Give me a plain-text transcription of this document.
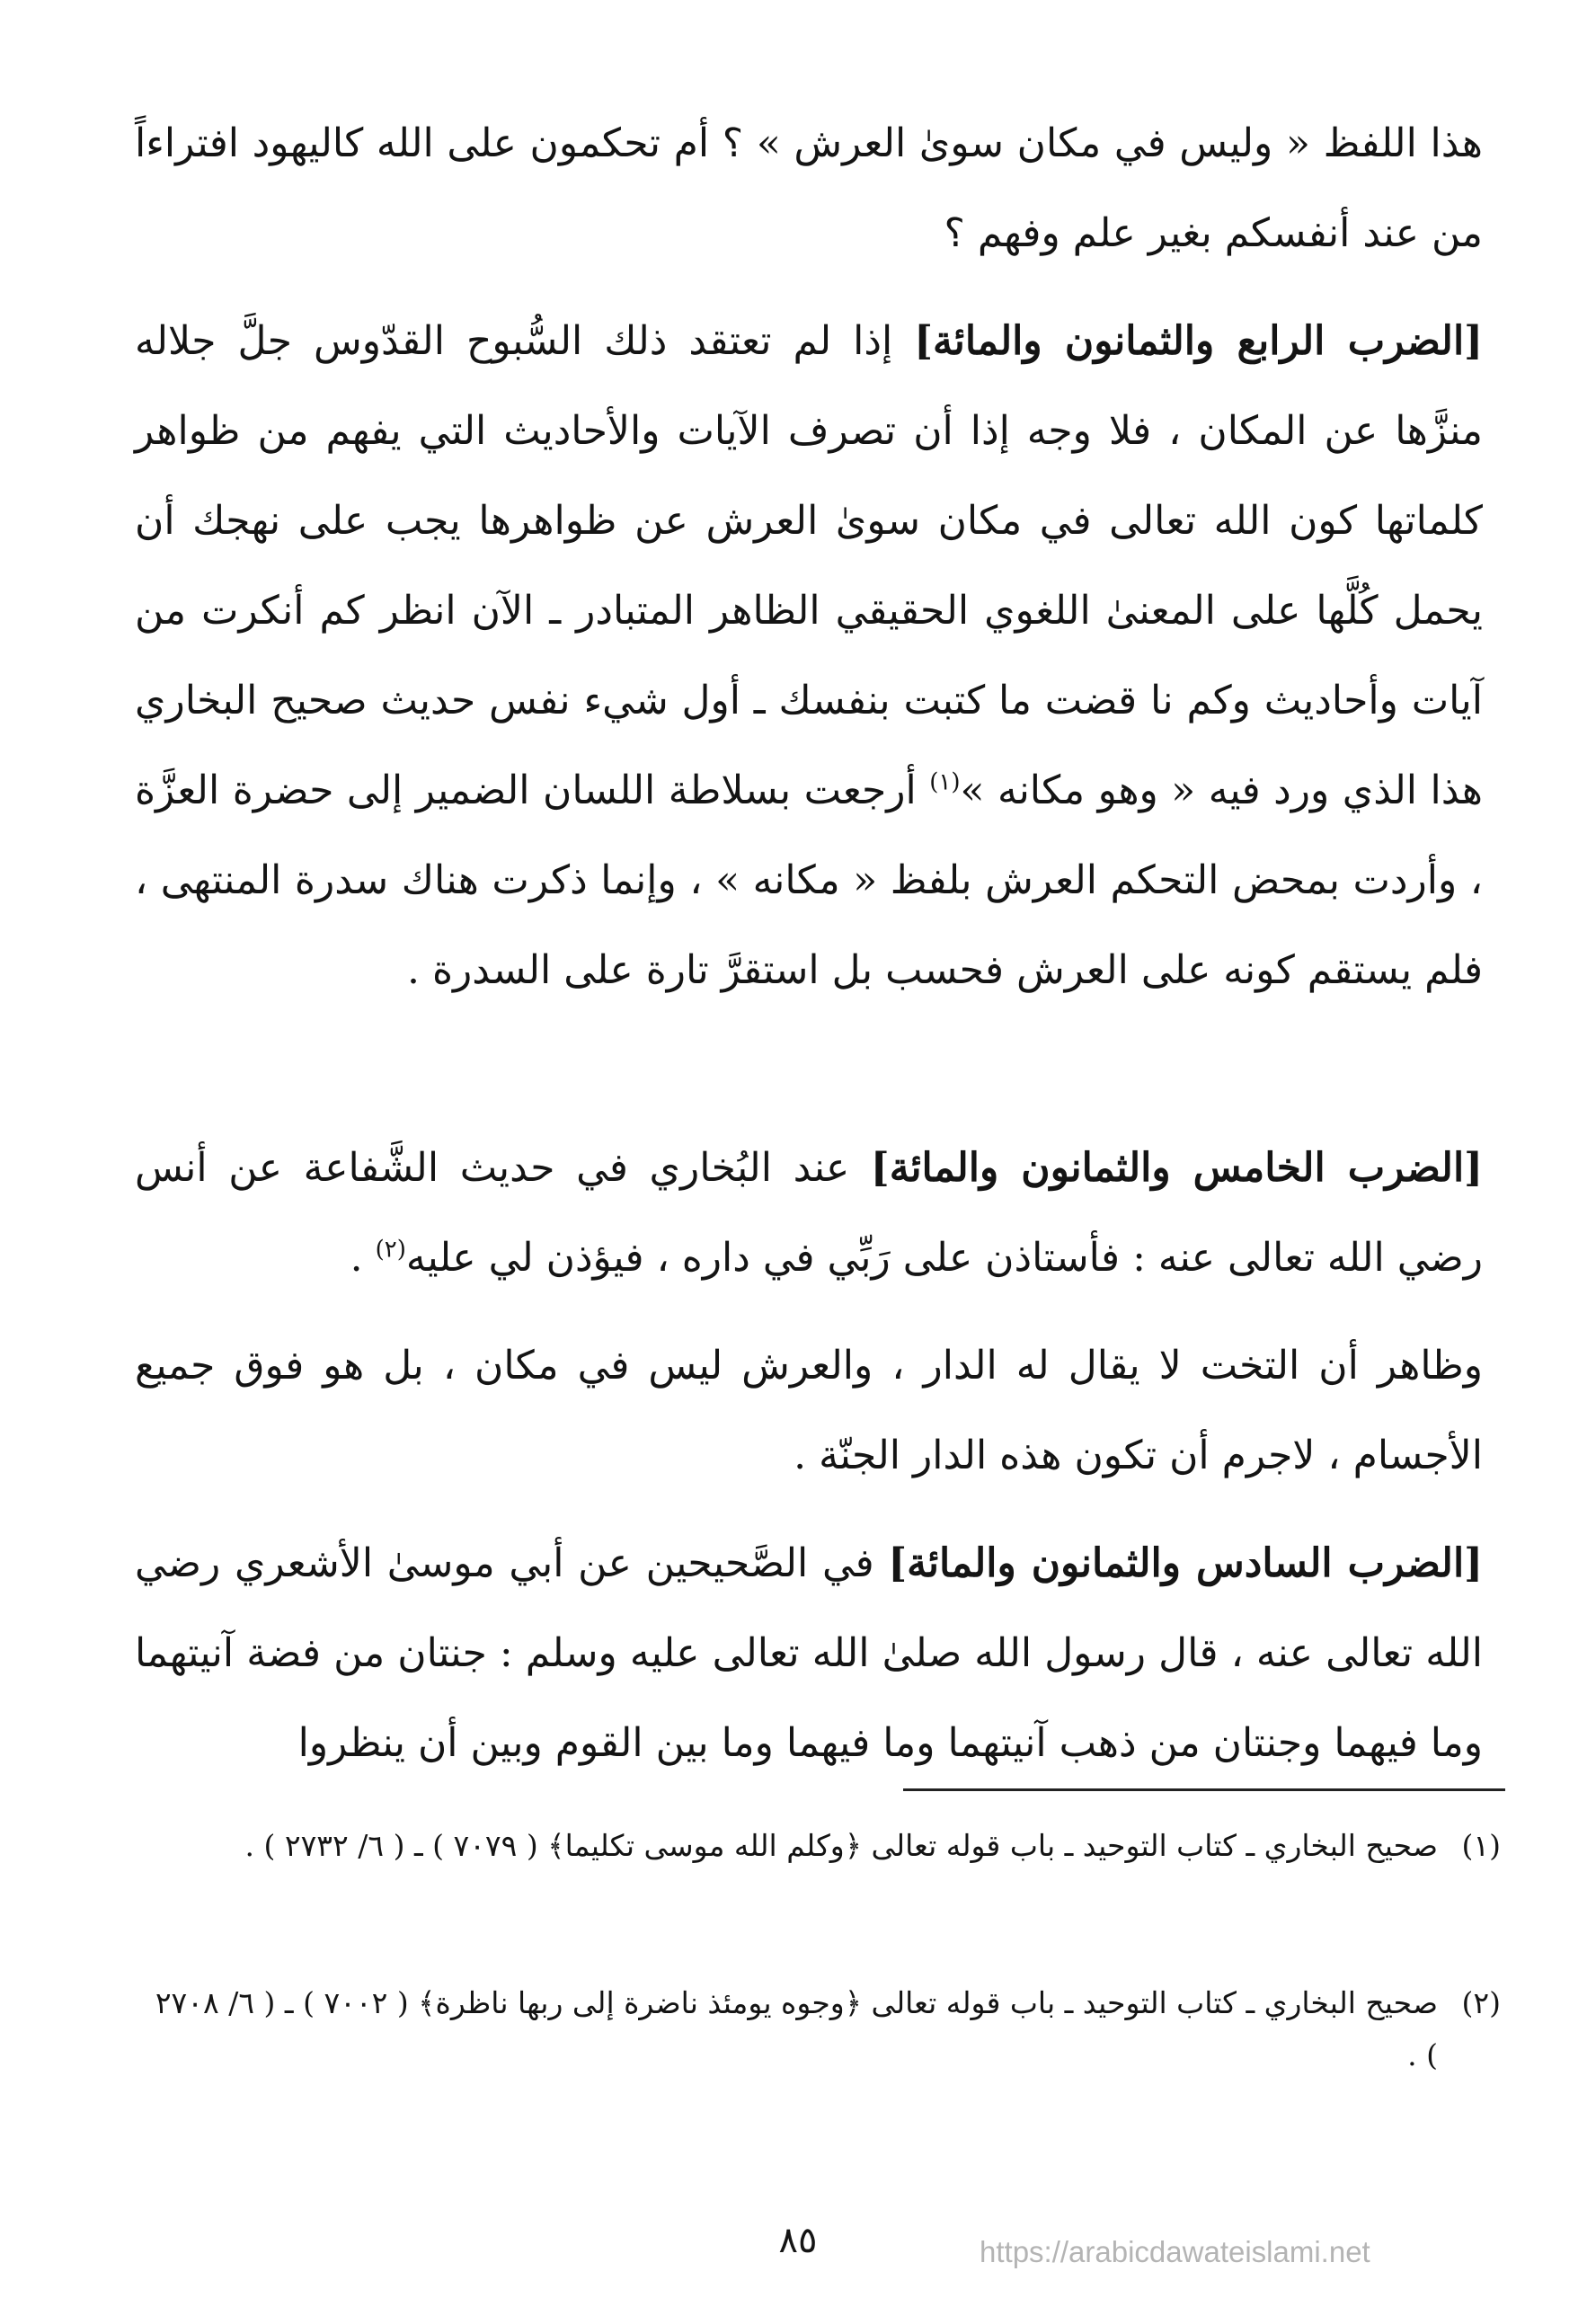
هذا اللفظ « وليس في مكان سوىٰ العرش » ؟ أم تحكمون على الله كاليهود افتراءاً من عند أنفسكم بغير علم وفهم ؟

[الضرب الرابع والثمانون والمائة] إذا لم تعتقد ذلك السُّبوح القدّوس جلَّ جلاله منزَّها عن المكان ، فلا وجه إذا أن تصرف الآيات والأحاديث التي يفهم من ظواهر كلماتها كون الله تعالى في مكان سوىٰ العرش عن ظواهرها يجب على نهجك أن يحمل كُلَّها على المعنىٰ اللغوي الحقيقي الظاهر المتبادر ـ الآن انظر كم أنكرت من آيات وأحاديث وكم نا قضت ما كتبت بنفسك ـ أول شيء نفس حديث صحيح البخاري هذا الذي ورد فيه « وهو مكانه »$^{(١)}$ أرجعت بسلاطة اللسان الضمير إلى حضرة العزَّة ، وأردت بمحض التحكم العرش بلفظ « مكانه » ، وإنما ذكرت هناك سدرة المنتهى ، فلم يستقم كونه على العرش فحسب بل استقرَّ تارة على السدرة .

[الضرب الخامس والثمانون والمائة] عند البُخاري في حديث الشَّفاعة عن أنس رضي الله تعالى عنه : فأستاذن على رَبِّي في داره ، فيؤذن لي عليه$^{(٢)}$ .

وظاهر أن التخت لا يقال له الدار ، والعرش ليس في مكان ، بل هو فوق جميع الأجسام ، لاجرم أن تكون هذه الدار الجنّة .

[الضرب السادس والثمانون والمائة] في الصَّحيحين عن أبي موسىٰ الأشعري رضي الله تعالى عنه ، قال رسول الله صلىٰ الله تعالى عليه وسلم : جنتان من فضة آنيتهما وما فيهما وجنتان من ذهب آنيتهما وما فيهما وما بين القوم وبين أن ينظروا

(١)
صحيح البخاري ـ كتاب التوحيد ـ باب قوله تعالى ﴿وكلم الله موسى تكليما﴾ ( ٧٠٧٩ ) ـ ( ٦/ ٢٧٣٢ ) .
(٢)
صحيح البخاري ـ كتاب التوحيد ـ باب قوله تعالى ﴿وجوه يومئذ ناضرة إلى ربها ناظرة﴾ ( ٧٠٠٢ ) ـ ( ٦/ ٢٧٠٨ ) .
٨٥	https://arabicdawateislami.net
